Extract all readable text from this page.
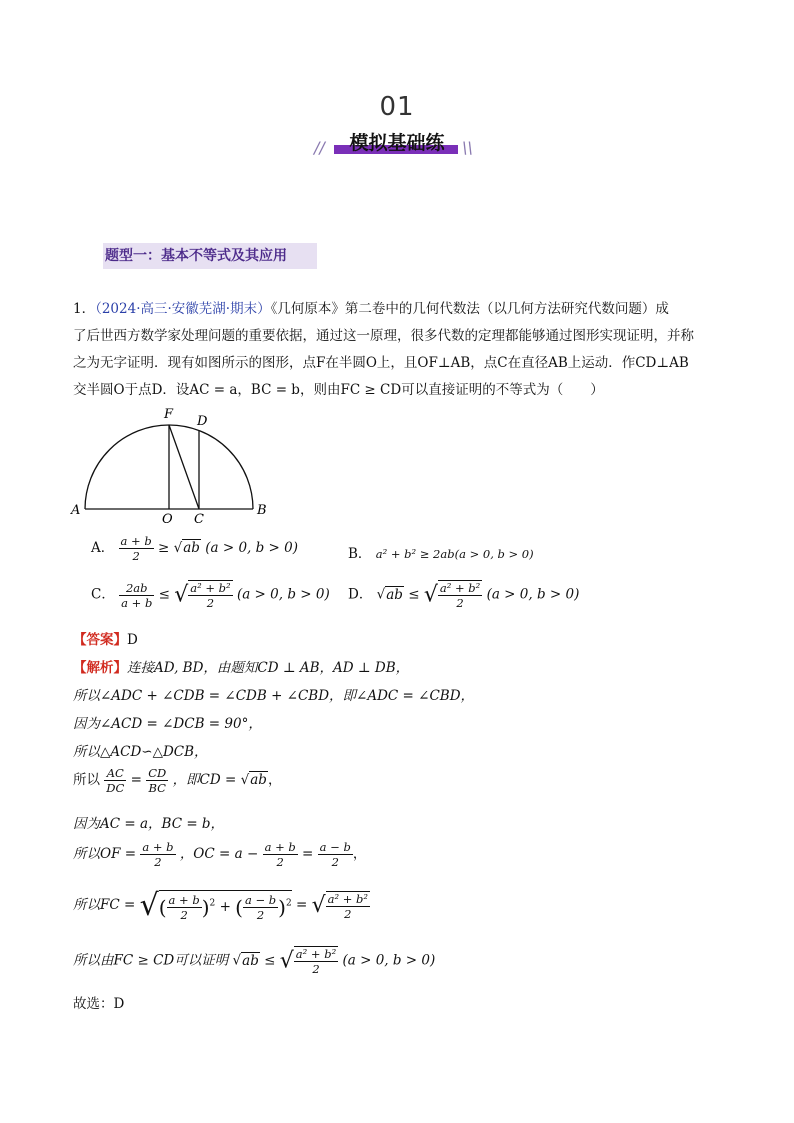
01
//	模拟基础练	\\
题型一：基本不等式及其应用
1．（2024·高三·安徽芜湖·期末）《几何原本》第二卷中的几何代数法（以几何方法研究代数问题）成
了后世西方数学家处理问题的重要依据，通过这一原理，很多代数的定理都能够通过图形实现证明，并称
之为无字证明．现有如图所示的图形，点F在半圆O上，且OF⊥AB，点C在直径AB上运动．作CD⊥AB
交半圆O于点D．设AC = a，BC = b，则由FC ≥ CD可以直接证明的不等式为（　　）
A	B
O C
D
F
A． $\frac{a + b}{2} \ge √ab$ (a > 0, b > 0)	B． a² + b² ≥ 2ab(a > 0, b > 0)
C． $\frac{2ab}{a + b}$ ≤ √ $\frac{\text{a² + b²}}{2} (a > 0$, b > 0) D． √ab ≤ √ $\frac{\text{a² + b²}}{2} (a > 0$, b > 0)
【答案】D
【解析】连接AD, BD，由题知CD ⊥ AB，AD ⊥ DB，
所以∠ADC + ∠CDB = ∠CDB + ∠CBD，即∠ADC = ∠CBD，
因为∠ACD = ∠DCB = 90°，
所以△ACD∽△DCB，
所以 $\frac{AC}{DC} = \frac{CD}{BC}$ ，即CD = √ab，
因为AC = a，BC = b，
所以OF = $\frac{a + b}{2}$ ，OC = $a - \frac{a + b}{2} = \frac{a - b}{2}$ ，
所以FC = √( $\frac{a + b}{2} )^2$ + ( $\frac{a - b}{2} )^2$ = √ $\frac{\text{a² + b²}}{2}$
所以由FC ≥ CD可以证明 √ab ≤ √ $\frac{\text{a² + b²}}{2} (a > 0$, b > 0)
故选：D
